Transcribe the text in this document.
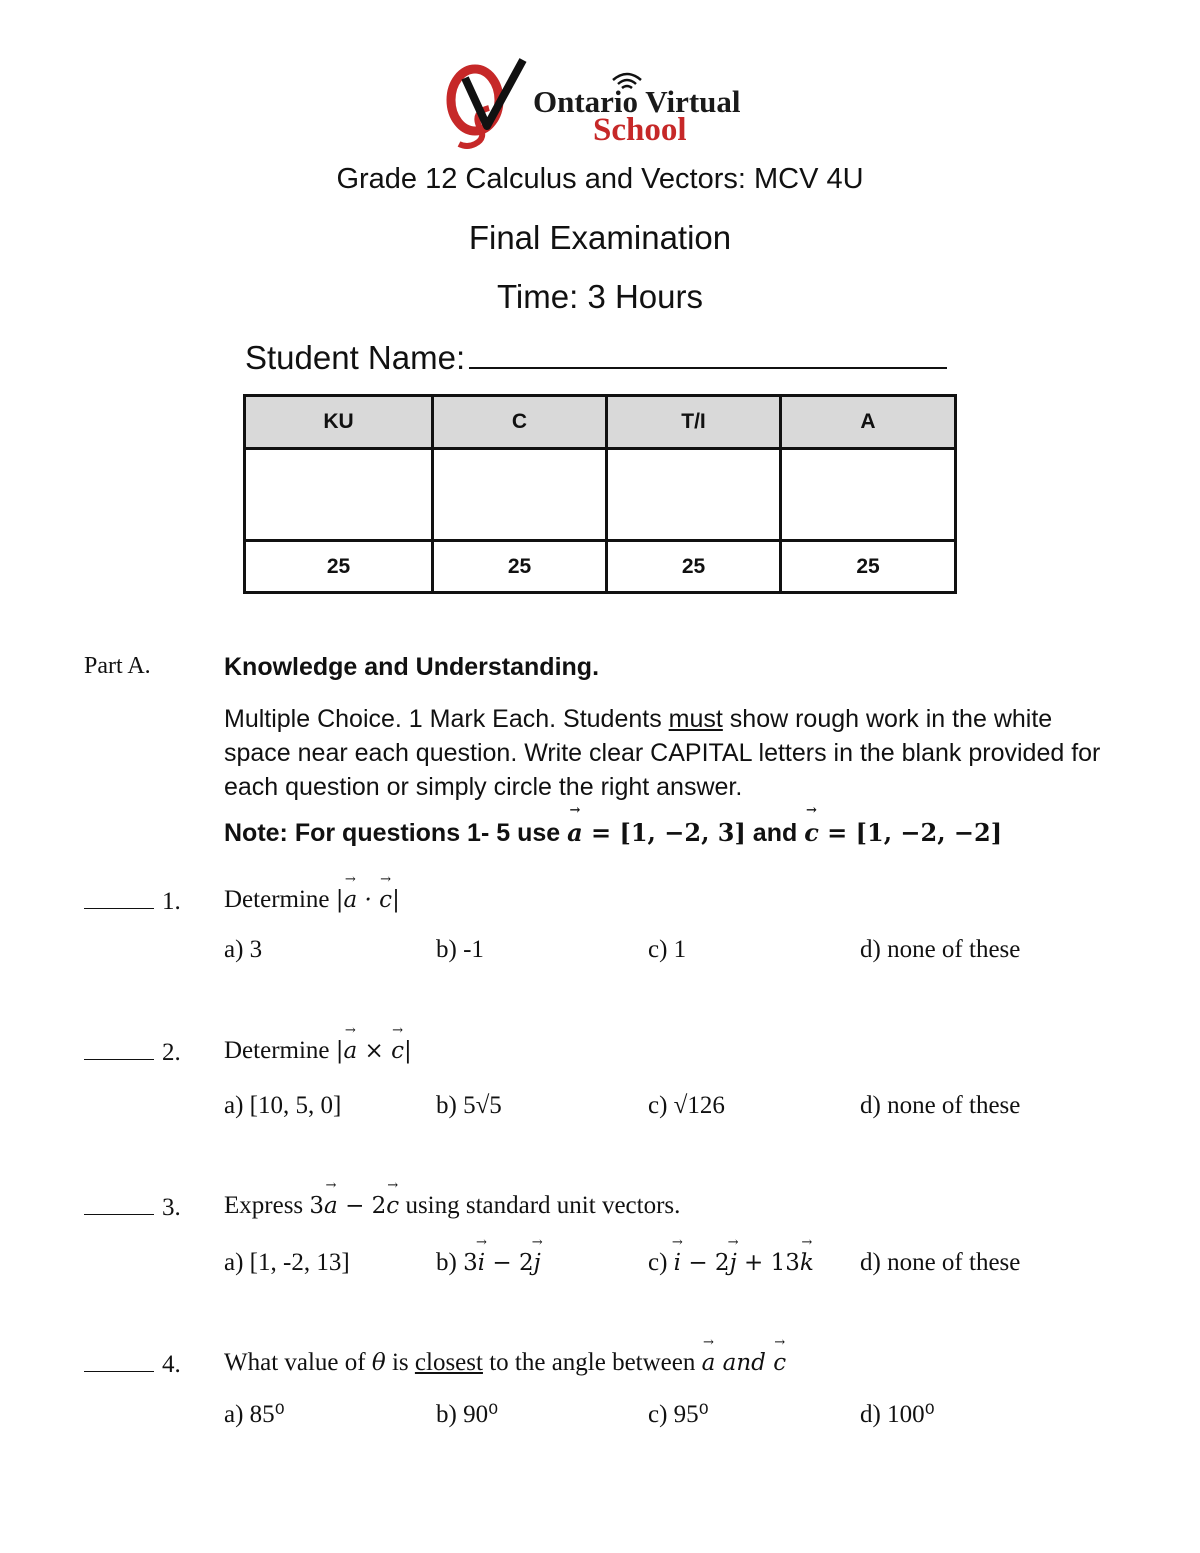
Ontario Virtual
School
Grade 12 Calculus and Vectors: MCV 4U
Final Examination
Time: 3 Hours
Student Name:
KU	C	T/I	A

25	25	25	25
Part A.	Knowledge and Understanding.
Multiple Choice. 1 Mark Each. Students must show rough work in the white space near each question. Write clear CAPITAL letters in the blank provided for each question or simply circle the right answer.
Note: For questions 1- 5 use → a = [1, −2, 3] and → c = [1, −2, −2]
1. Determine |→ a · → c|
a) 3	b) -1	c) 1	d) none of these
2. Determine |→ a × → c|
a) [10, 5, 0]	b) 5√5	c) √126	d) none of these
3. Express 3→ a − 2→ c using standard unit vectors.
a) [1, -2, 13]	b) 3→ i − 2→ j	c) → i − 2→ j + 13→ k d) none of these
4. What value of θ is closest to the angle between → a and → c
a) 85⁰	b) 90⁰	c) 95⁰	d) 100⁰
